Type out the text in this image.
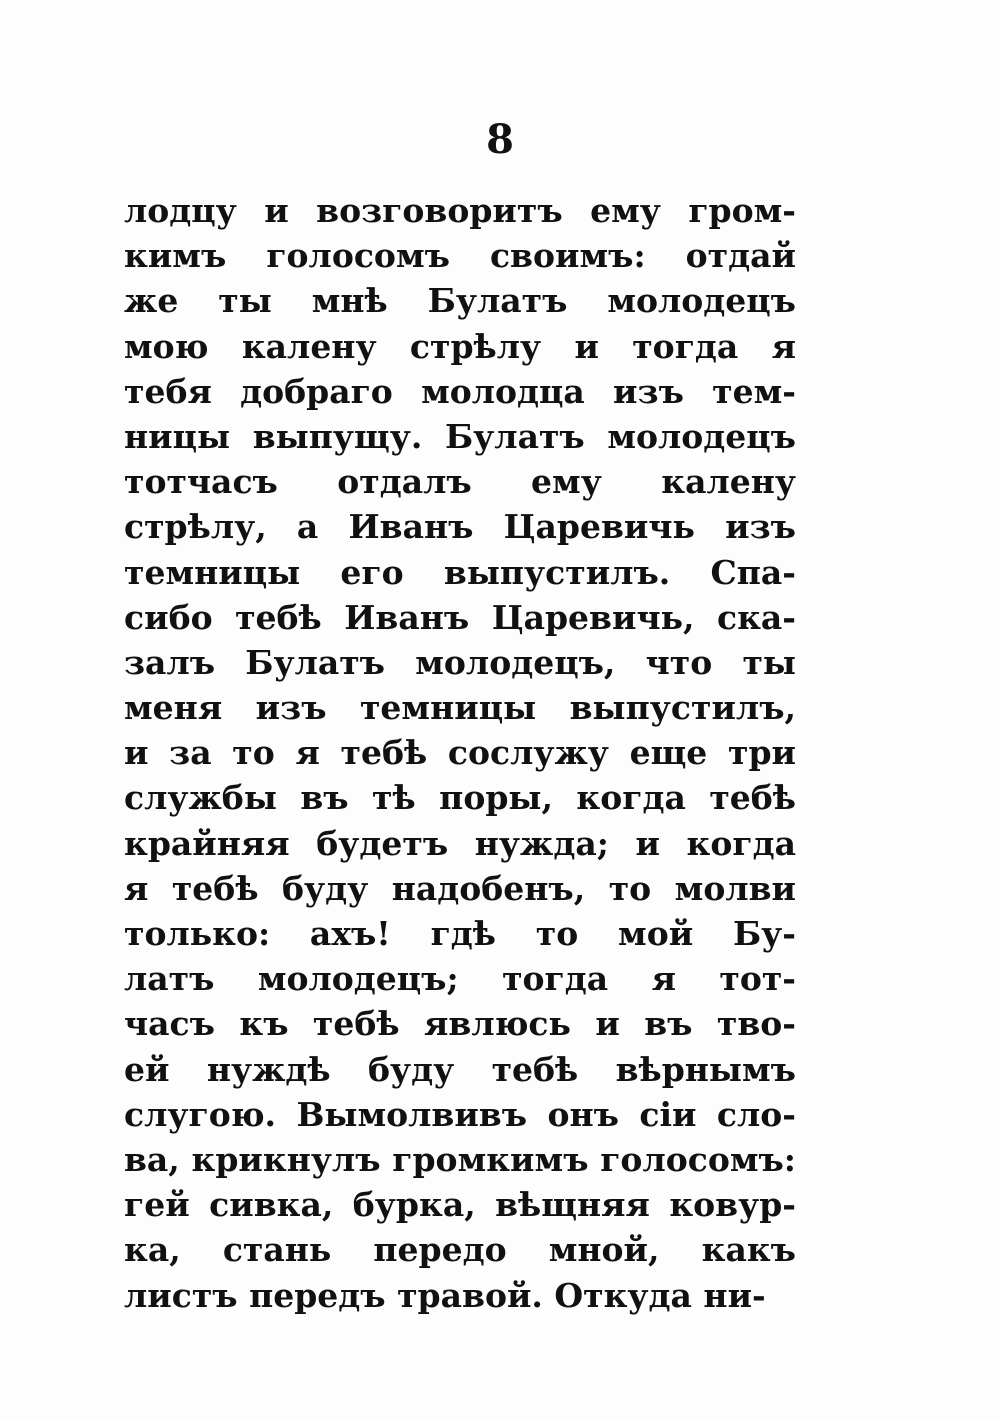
8
лодцу и возговоритъ ему гром-
кимъ голосомъ своимъ: отдай
же ты мнѣ Булатъ молодецъ
мою калену стрѣлу и тогда я
тебя добраго молодца изъ тем-
ницы выпущу. Булатъ молодецъ
тотчасъ отдалъ ему калену
стрѣлу, а Иванъ Царевичь изъ
темницы его выпустилъ. Спа-
сибо тебѣ Иванъ Царевичь, ска-
залъ Булатъ молодецъ, что ты
меня изъ темницы выпустилъ,
и за то я тебѣ сослужу еще три
службы въ тѣ поры, когда тебѣ
крайняя будетъ нужда; и когда
я тебѣ буду надобенъ, то молви
только: ахъ! гдѣ то мой Бу-
латъ молодецъ; тогда я тот-
часъ къ тебѣ явлюсь и въ тво-
ей нуждѣ буду тебѣ вѣрнымъ
слугою. Вымолвивъ онъ сіи сло-
ва, крикнулъ громкимъ голосомъ:
гей сивка, бурка, вѣщняя ковур-
ка, стань передо мной, какъ
листъ передъ травой. Откуда ни-
